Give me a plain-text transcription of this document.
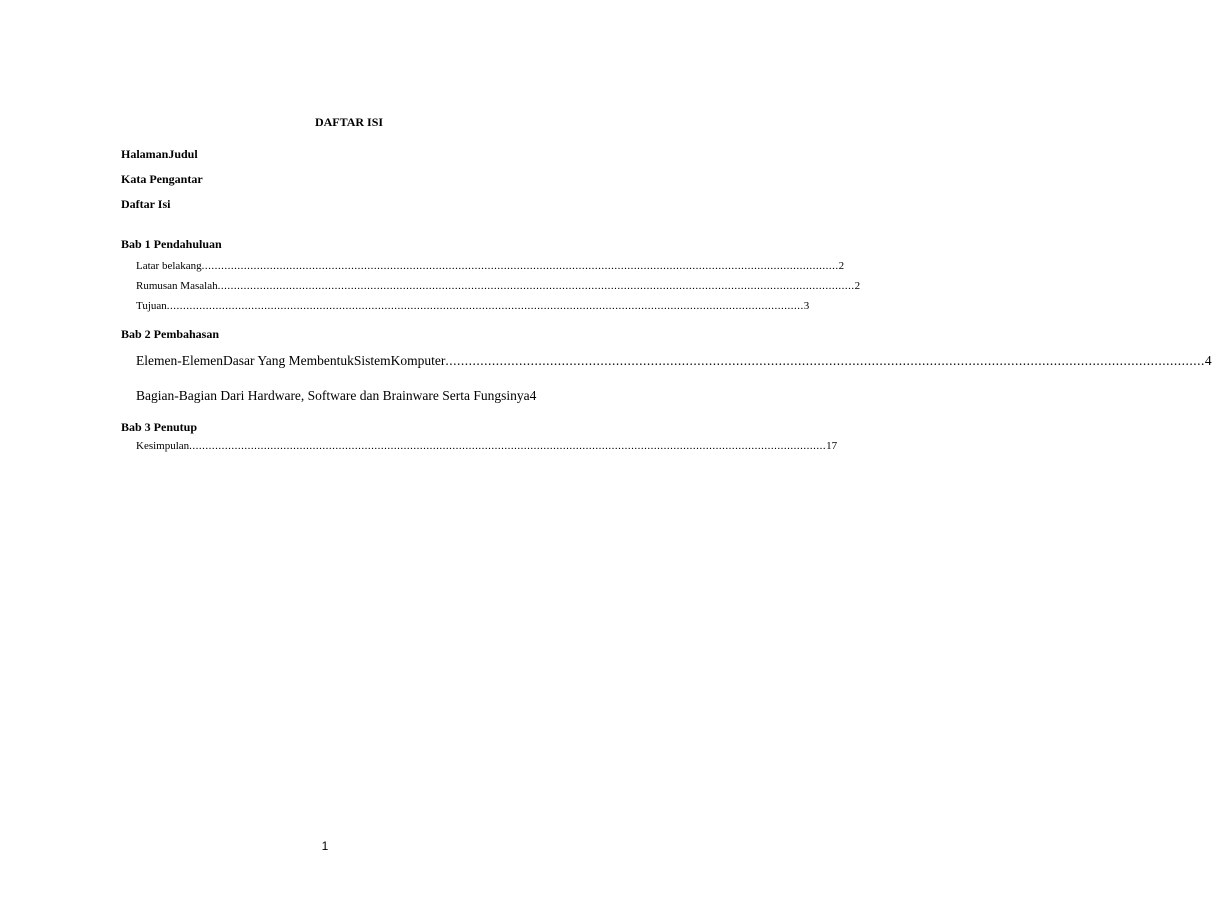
DAFTAR ISI
HalamanJudul
Kata Pengantar
Daftar Isi
Bab 1 Pendahuluan
Latar belakang .................................................................................................................................................................................................... 2
Rumusan Masalah .................................................................................................................................................................................................... 2
Tujuan .................................................................................................................................................................................................... 3
Bab 2 Pembahasan
Elemen-ElemenDasar Yang MembentukSistemKomputer .................................................................................................................................................................................................... 4
Bagian-Bagian Dari Hardware, Software dan Brainware Serta Fungsinya 4
Bab 3 Penutup
Kesimpulan .................................................................................................................................................................................................... 17
1
